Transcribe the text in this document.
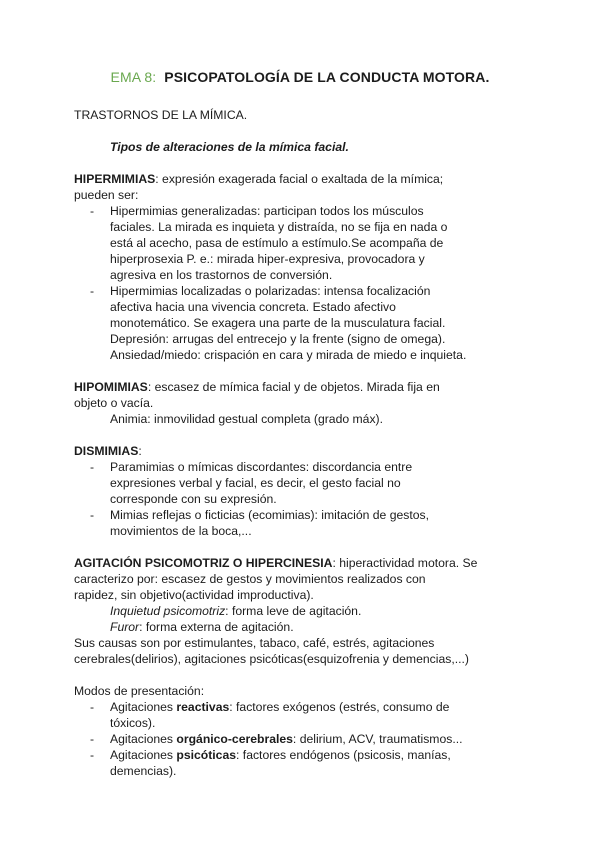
EMA 8: PSICOPATOLOGÍA DE LA CONDUCTA MOTORA.
TRASTORNOS DE LA MÍMICA.
Tipos de alteraciones de la mímica facial.
HIPERMIMIAS: expresión exagerada facial o exaltada de la mímica;
pueden ser:
- Hipermimias generalizadas: participan todos los músculos
faciales. La mirada es inquieta y distraída, no se fija en nada o
está al acecho, pasa de estímulo a estímulo.Se acompaña de
hiperprosexia P. e.: mirada hiper-expresiva, provocadora y
agresiva en los trastornos de conversión.
- Hipermimias localizadas o polarizadas: intensa focalización
afectiva hacia una vivencia concreta. Estado afectivo
monotemático. Se exagera una parte de la musculatura facial.
Depresión: arrugas del entrecejo y la frente (signo de omega).
Ansiedad/miedo: crispación en cara y mirada de miedo e inquieta.
HIPOMIMIAS: escasez de mímica facial y de objetos. Mirada fija en
objeto o vacía.
Animia: inmovilidad gestual completa (grado máx).
DISMIMIAS:
- Paramimias o mímicas discordantes: discordancia entre
expresiones verbal y facial, es decir, el gesto facial no
corresponde con su expresión.
- Mimias reflejas o ficticias (ecomimias): imitación de gestos,
movimientos de la boca,...
AGITACIÓN PSICOMOTRIZ O HIPERCINESIA: hiperactividad motora. Se
caracterizo por: escasez de gestos y movimientos realizados con
rapidez, sin objetivo(actividad improductiva).
Inquietud psicomotriz: forma leve de agitación.
Furor: forma externa de agitación.
Sus causas son por estimulantes, tabaco, café, estrés, agitaciones
cerebrales(delirios), agitaciones psicóticas(esquizofrenia y demencias,...)
Modos de presentación:
- Agitaciones reactivas: factores exógenos (estrés, consumo de
tóxicos).
- Agitaciones orgánico-cerebrales: delirium, ACV, traumatismos...
- Agitaciones psicóticas: factores endógenos (psicosis, manías,
demencias).
